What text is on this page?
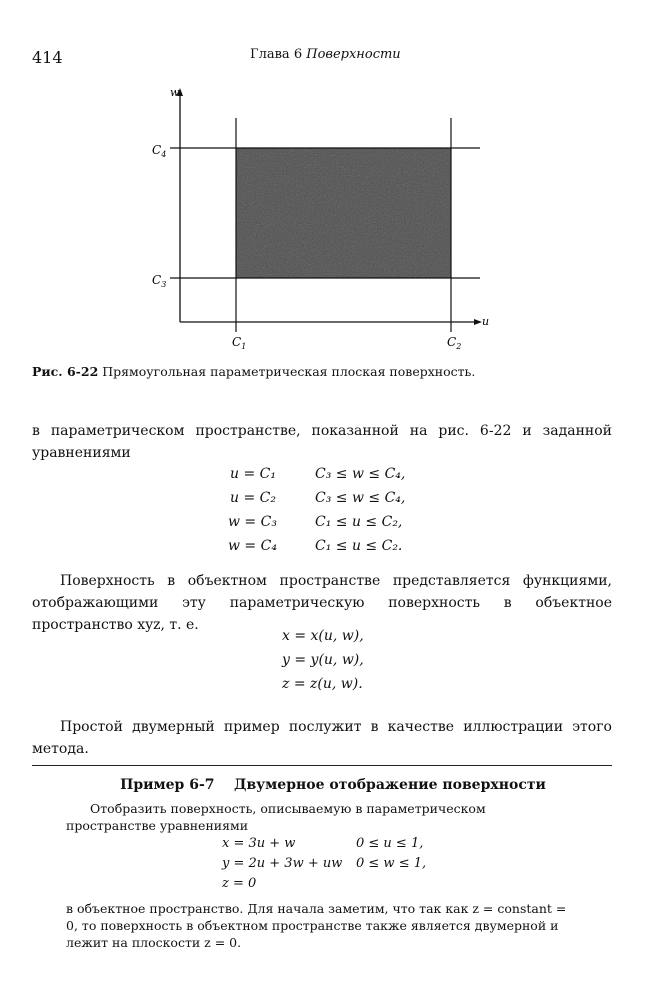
414	Глава 6 Поверхности
w
u
$C_4$
$C_3$
$C_1$	$C_2$
Рис. 6-22 Прямоугольная параметрическая плоская поверхность.
в параметрическом пространстве, показанной на рис. 6-22 и заданной уравнениями
u = C₁	C₃ ≤ w ≤ C₄,
u = C₂	C₃ ≤ w ≤ C₄,
w = C₃	C₁ ≤ u ≤ C₂,
w = C₄	C₁ ≤ u ≤ C₂.
Поверхность в объектном пространстве представляется функциями, отображающими эту параметрическую поверхность в объектное пространство xyz, т. е.
x = x(u, w),
y = y(u, w),
z = z(u, w).
Простой двумерный пример послужит в качестве иллюстрации этого метода.
Пример 6-7    Двумерное отображение поверхности
Отобразить поверхность, описываемую в параметрическом пространстве уравнениями
x = 3u + w	0 ≤ u ≤ 1,
y = 2u + 3w + uw 0 ≤ w ≤ 1,
z = 0
в объектное пространство. Для начала заметим, что так как z = constant = 0, то поверхность в объектном пространстве также является двумерной и лежит на плоскости z = 0.
